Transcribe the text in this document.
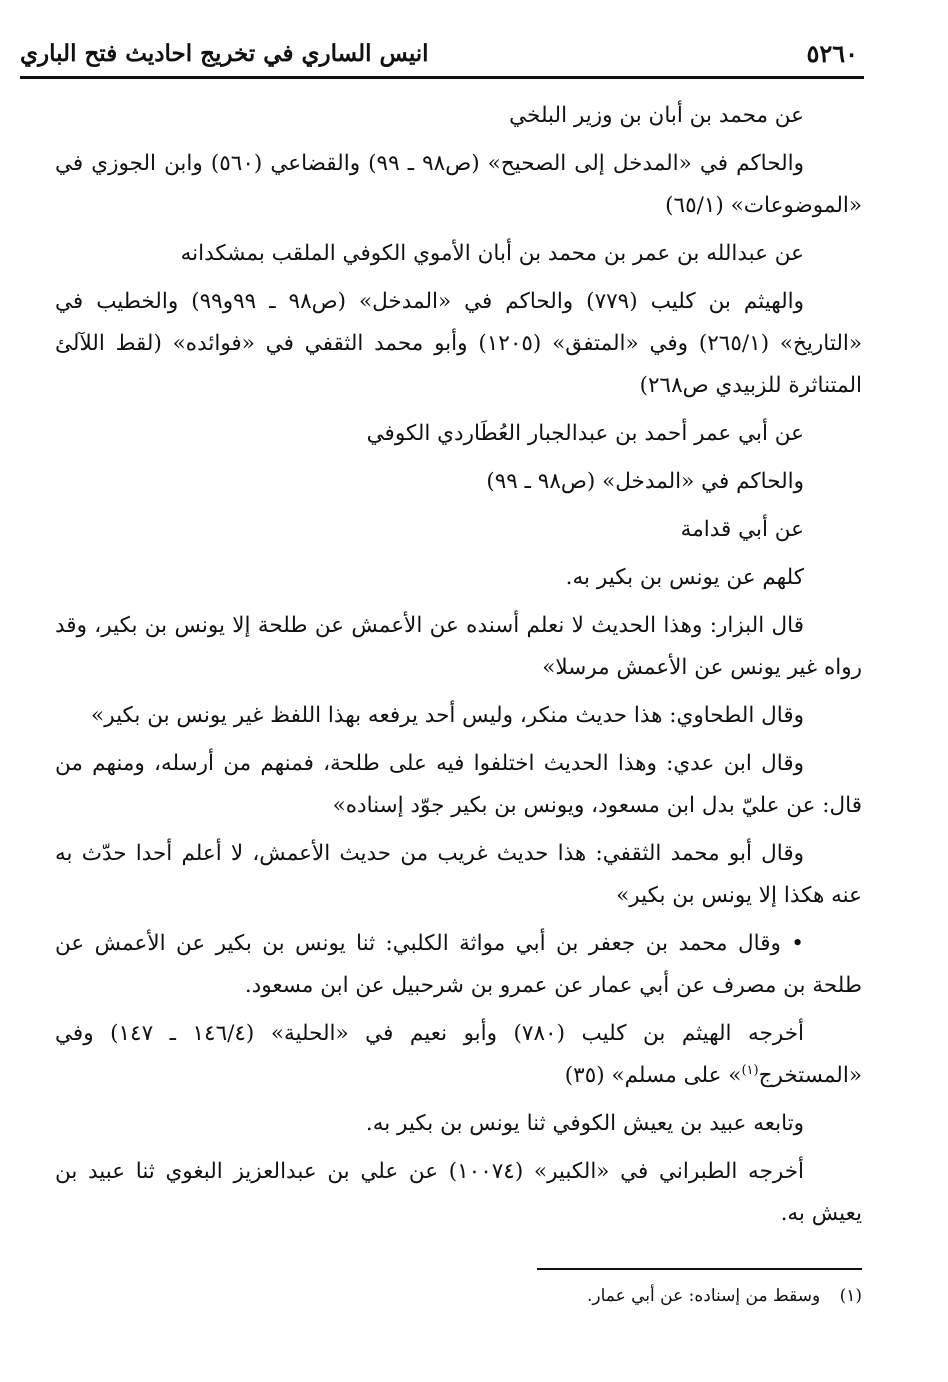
٥٢٦٠
انيس الساري في تخريج احاديث فتح الباري

عن محمد بن أبان بن وزير البلخي

والحاكم في «المدخل إلى الصحيح» (ص٩٨ ـ ٩٩) والقضاعي (٥٦٠) وابن الجوزي في «الموضوعات» (٦٥/١)

عن عبدالله بن عمر بن محمد بن أبان الأموي الكوفي الملقب بمشكدانه

والهيثم بن كليب (٧٧٩) والحاكم في «المدخل» (ص٩٨ ـ ٩٩و٩٩) والخطيب في «التاريخ» (٢٦٥/١) وفي «المتفق» (١٢٠٥) وأبو محمد الثقفي في «فوائده» (لقط اللآلئ المتناثرة للزبيدي ص٢٦٨)

عن أبي عمر أحمد بن عبدالجبار العُطَاردي الكوفي

والحاكم في «المدخل» (ص٩٨ ـ ٩٩)

عن أبي قدامة

كلهم عن يونس بن بكير به.

قال البزار: وهذا الحديث لا نعلم أسنده عن الأعمش عن طلحة إلا يونس بن بكير، وقد رواه غير يونس عن الأعمش مرسلا»

وقال الطحاوي: هذا حديث منكر، وليس أحد يرفعه بهذا اللفظ غير يونس بن بكير»

وقال ابن عدي: وهذا الحديث اختلفوا فيه على طلحة، فمنهم من أرسله، ومنهم من قال: عن عليّ بدل ابن مسعود، ويونس بن بكير جوّد إسناده»

وقال أبو محمد الثقفي: هذا حديث غريب من حديث الأعمش، لا أعلم أحدا حدّث به عنه هكذا إلا يونس بن بكير»

• وقال محمد بن جعفر بن أبي مواثة الكلبي: ثنا يونس بن بكير عن الأعمش عن طلحة بن مصرف عن أبي عمار عن عمرو بن شرحبيل عن ابن مسعود.

أخرجه الهيثم بن كليب (٧٨٠) وأبو نعيم في «الحلية» (١٤٦/٤ ـ ١٤٧) وفي «المستخرج$^{(١)}$» على مسلم» (٣٥)

وتابعه عبيد بن يعيش الكوفي ثنا يونس بن بكير به.

أخرجه الطبراني في «الكبير» (١٠٠٧٤) عن علي بن عبدالعزيز البغوي ثنا عبيد بن يعيش به.

(١) وسقط من إسناده: عن أبي عمار.
